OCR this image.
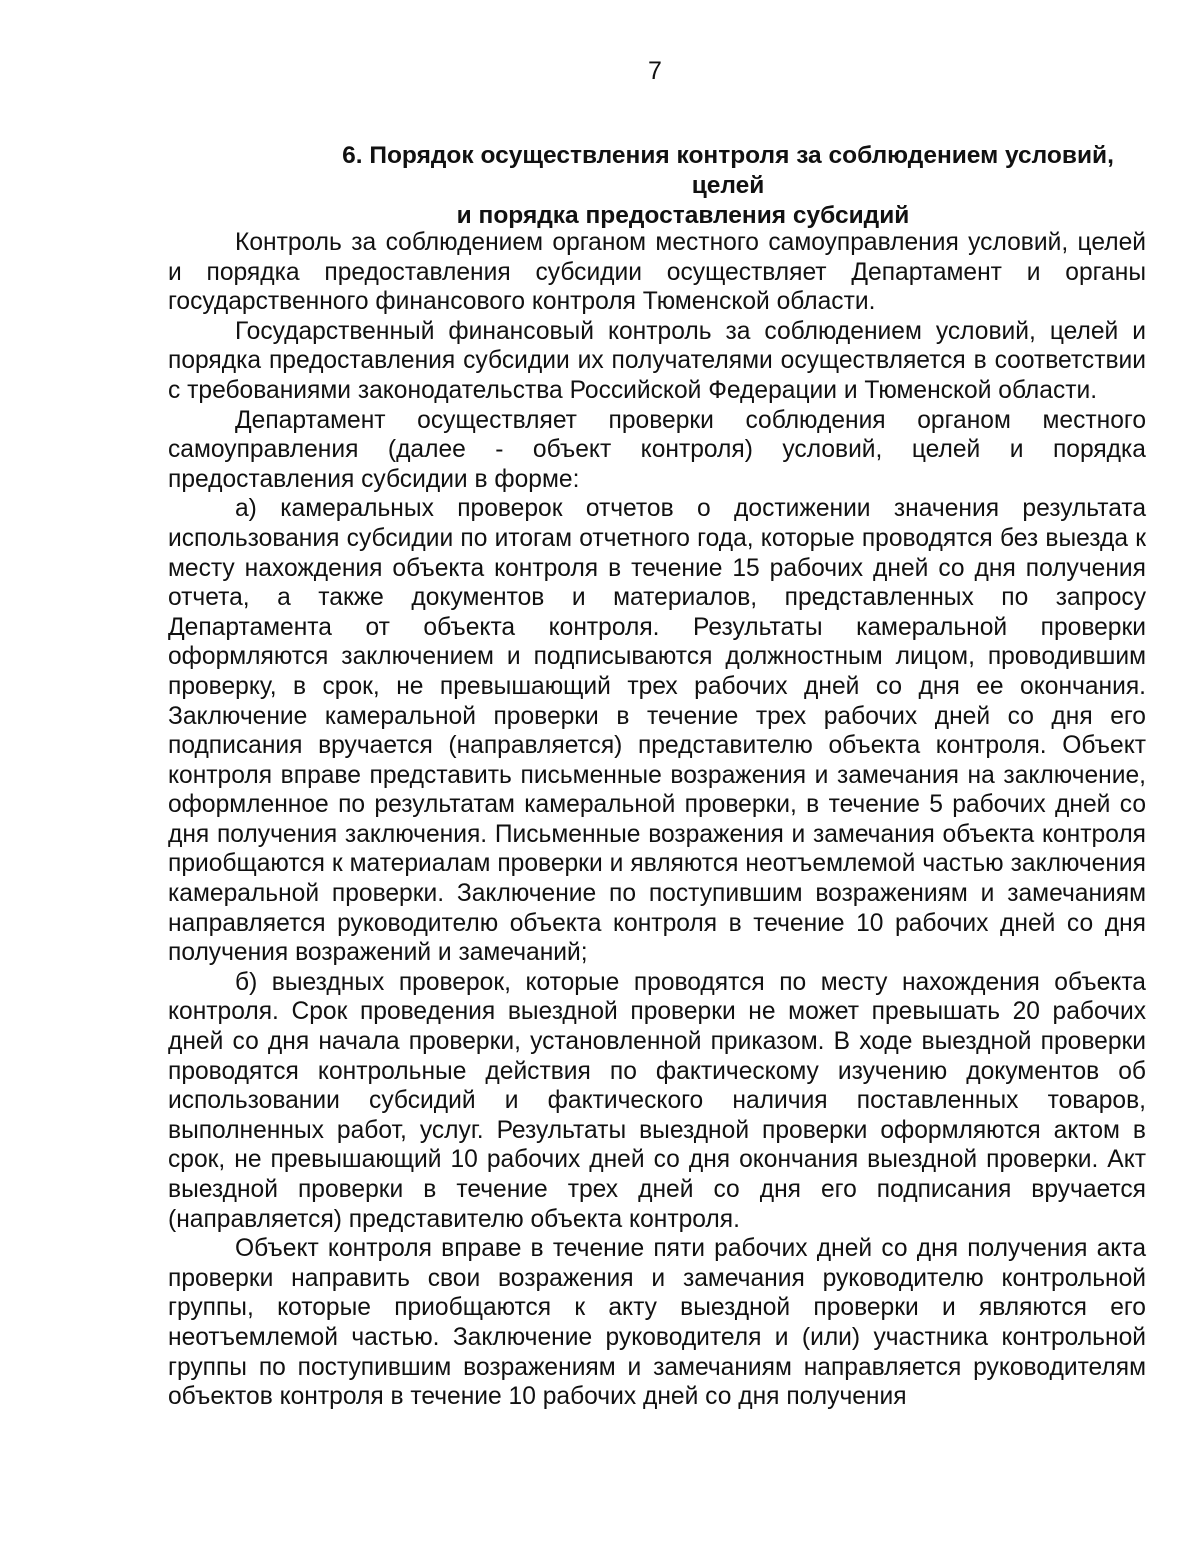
7
6. Порядок осуществления контроля за соблюдением условий, целей
и порядка предоставления субсидий

Контроль за соблюдением органом местного самоуправления условий, целей и порядка предоставления субсидии осуществляет Департамент и органы государственного финансового контроля Тюменской области.

Государственный финансовый контроль за соблюдением условий, целей и порядка предоставления субсидии их получателями осуществляется в соответствии с требованиями законодательства Российской Федерации и Тюменской области.

Департамент осуществляет проверки соблюдения органом местного самоуправления (далее - объект контроля) условий, целей и порядка предоставления субсидии в форме:

а) камеральных проверок отчетов о достижении значения результата использования субсидии по итогам отчетного года, которые проводятся без выезда к месту нахождения объекта контроля в течение 15 рабочих дней со дня получения отчета, а также документов и материалов, представленных по запросу Департамента от объекта контроля. Результаты камеральной проверки оформляются заключением и подписываются должностным лицом, проводившим проверку, в срок, не превышающий трех рабочих дней со дня ее окончания. Заключение камеральной проверки в течение трех рабочих дней со дня его подписания вручается (направляется) представителю объекта контроля. Объект контроля вправе представить письменные возражения и замечания на заключение, оформленное по результатам камеральной проверки, в течение 5 рабочих дней со дня получения заключения. Письменные возражения и замечания объекта контроля приобщаются к материалам проверки и являются неотъемлемой частью заключения камеральной проверки. Заключение по поступившим возражениям и замечаниям направляется руководителю объекта контроля в течение 10 рабочих дней со дня получения возражений и замечаний;

б) выездных проверок, которые проводятся по месту нахождения объекта контроля. Срок проведения выездной проверки не может превышать 20 рабочих дней со дня начала проверки, установленной приказом. В ходе выездной проверки проводятся контрольные действия по фактическому изучению документов об использовании субсидий и фактического наличия поставленных товаров, выполненных работ, услуг. Результаты выездной проверки оформляются актом в срок, не превышающий 10 рабочих дней со дня окончания выездной проверки. Акт выездной проверки в течение трех дней со дня его подписания вручается (направляется) представителю объекта контроля.

Объект контроля вправе в течение пяти рабочих дней со дня получения акта проверки направить свои возражения и замечания руководителю контрольной группы, которые приобщаются к акту выездной проверки и являются его неотъемлемой частью. Заключение руководителя и (или) участника контрольной группы по поступившим возражениям и замечаниям направляется руководителям объектов контроля в течение 10 рабочих дней со дня получения
